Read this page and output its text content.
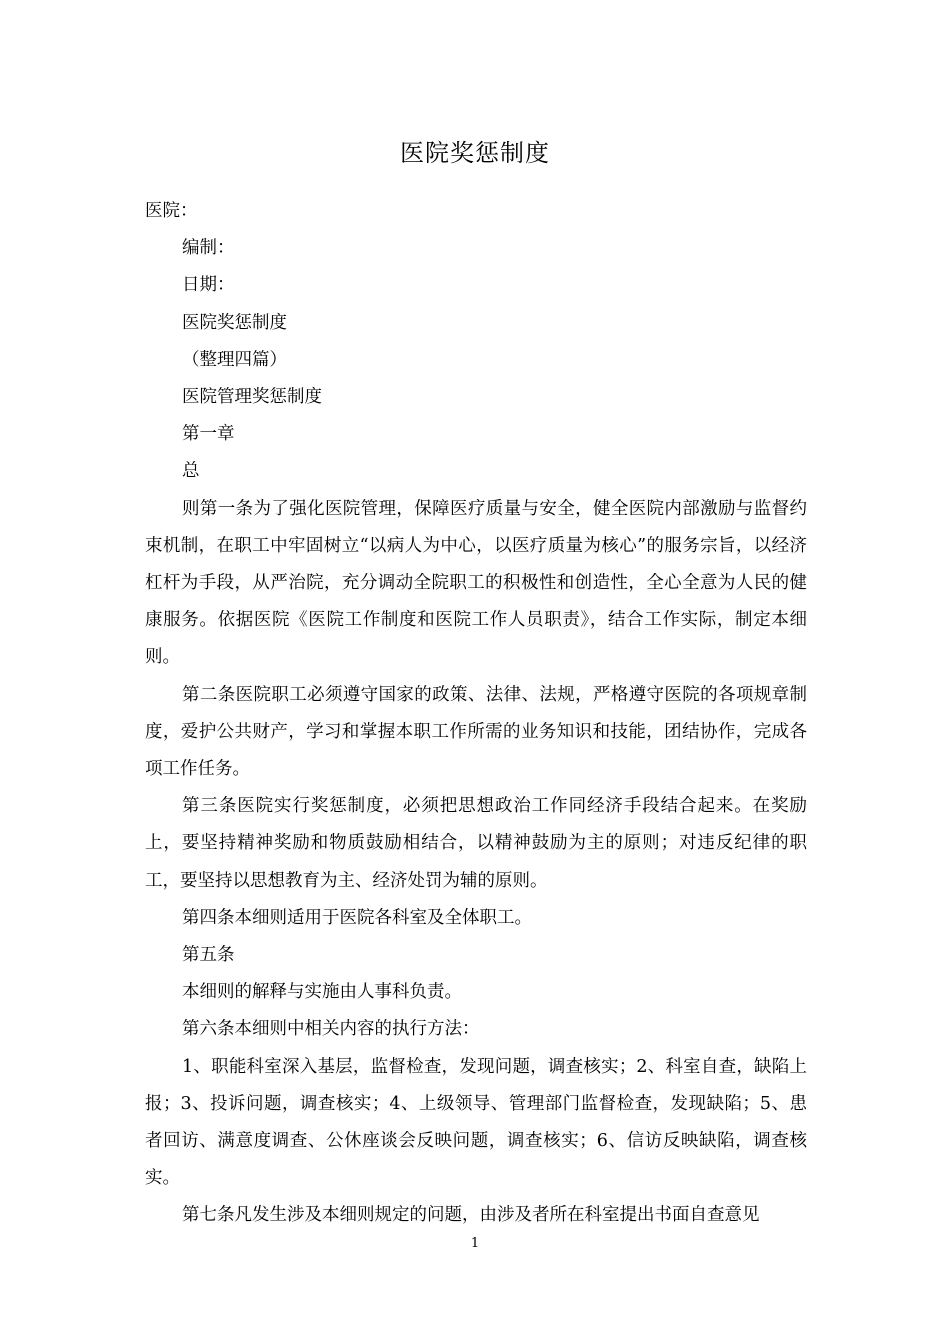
医院奖惩制度

医院：

编制：

日期：

医院奖惩制度

（整理四篇）

医院管理奖惩制度

第一章

总

则第一条为了强化医院管理，保障医疗质量与安全，健全医院内部激励与监督约束机制，在职工中牢固树立“以病人为中心，以医疗质量为核心”的服务宗旨，以经济杠杆为手段，从严治院，充分调动全院职工的积极性和创造性，全心全意为人民的健康服务。依据医院《医院工作制度和医院工作人员职责》，结合工作实际，制定本细则。

第二条医院职工必须遵守国家的政策、法律、法规，严格遵守医院的各项规章制度，爱护公共财产，学习和掌握本职工作所需的业务知识和技能，团结协作，完成各项工作任务。

第三条医院实行奖惩制度，必须把思想政治工作同经济手段结合起来。在奖励上，要坚持精神奖励和物质鼓励相结合，以精神鼓励为主的原则；对违反纪律的职工，要坚持以思想教育为主、经济处罚为辅的原则。

第四条本细则适用于医院各科室及全体职工。

第五条

本细则的解释与实施由人事科负责。

第六条本细则中相关内容的执行方法：

1、职能科室深入基层，监督检查，发现问题，调查核实；2、科室自查，缺陷上报；3、投诉问题，调查核实；4、上级领导、管理部门监督检查，发现缺陷；5、患者回访、满意度调查、公休座谈会反映问题，调查核实；6、信访反映缺陷，调查核实。

第七条凡发生涉及本细则规定的问题，由涉及者所在科室提出书面自查意见

1
